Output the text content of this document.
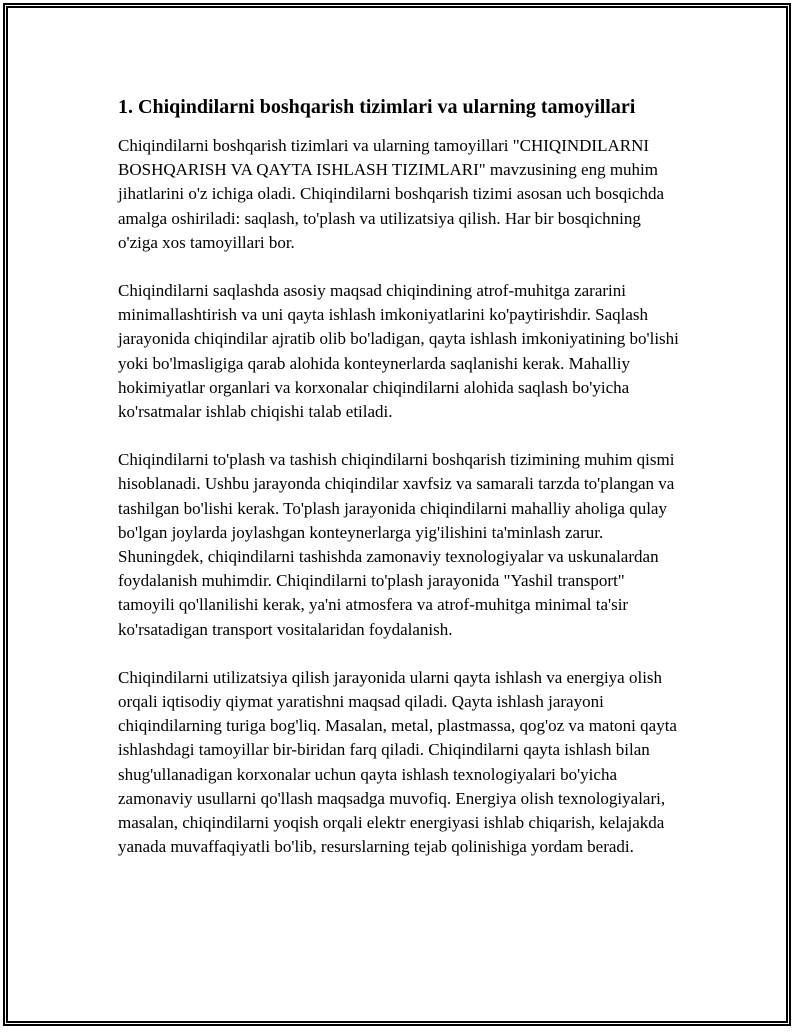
1. Chiqindilarni boshqarish tizimlari va ularning tamoyillari

Chiqindilarni boshqarish tizimlari va ularning tamoyillari "CHIQINDILARNI BOSHQARISH VA QAYTA ISHLASH TIZIMLARI" mavzusining eng muhim jihatlarini o'z ichiga oladi. Chiqindilarni boshqarish tizimi asosan uch bosqichda amalga oshiriladi: saqlash, to'plash va utilizatsiya qilish. Har bir bosqichning o'ziga xos tamoyillari bor.

Chiqindilarni saqlashda asosiy maqsad chiqindining atrof-muhitga zararini minimallashtirish va uni qayta ishlash imkoniyatlarini ko'paytirishdir. Saqlash jarayonida chiqindilar ajratib olib bo'ladigan, qayta ishlash imkoniyatining bo'lishi yoki bo'lmasligiga qarab alohida konteynerlarda saqlanishi kerak. Mahalliy hokimiyatlar organlari va korxonalar chiqindilarni alohida saqlash bo'yicha ko'rsatmalar ishlab chiqishi talab etiladi.

Chiqindilarni to'plash va tashish chiqindilarni boshqarish tizimining muhim qismi hisoblanadi. Ushbu jarayonda chiqindilar xavfsiz va samarali tarzda to'plangan va tashilgan bo'lishi kerak. To'plash jarayonida chiqindilarni mahalliy aholiga qulay bo'lgan joylarda joylashgan konteynerlarga yig'ilishini ta'minlash zarur. Shuningdek, chiqindilarni tashishda zamonaviy texnologiyalar va uskunalardan foydalanish muhimdir. Chiqindilarni to'plash jarayonida "Yashil transport" tamoyili qo'llanilishi kerak, ya'ni atmosfera va atrof-muhitga minimal ta'sir ko'rsatadigan transport vositalaridan foydalanish.

Chiqindilarni utilizatsiya qilish jarayonida ularni qayta ishlash va energiya olish orqali iqtisodiy qiymat yaratishni maqsad qiladi. Qayta ishlash jarayoni chiqindilarning turiga bog'liq. Masalan, metal, plastmassa, qog'oz va matoni qayta ishlashdagi tamoyillar bir-biridan farq qiladi. Chiqindilarni qayta ishlash bilan shug'ullanadigan korxonalar uchun qayta ishlash texnologiyalari bo'yicha zamonaviy usullarni qo'llash maqsadga muvofiq. Energiya olish texnologiyalari, masalan, chiqindilarni yoqish orqali elektr energiyasi ishlab chiqarish, kelajakda yanada muvaffaqiyatli bo'lib, resurslarning tejab qolinishiga yordam beradi.
